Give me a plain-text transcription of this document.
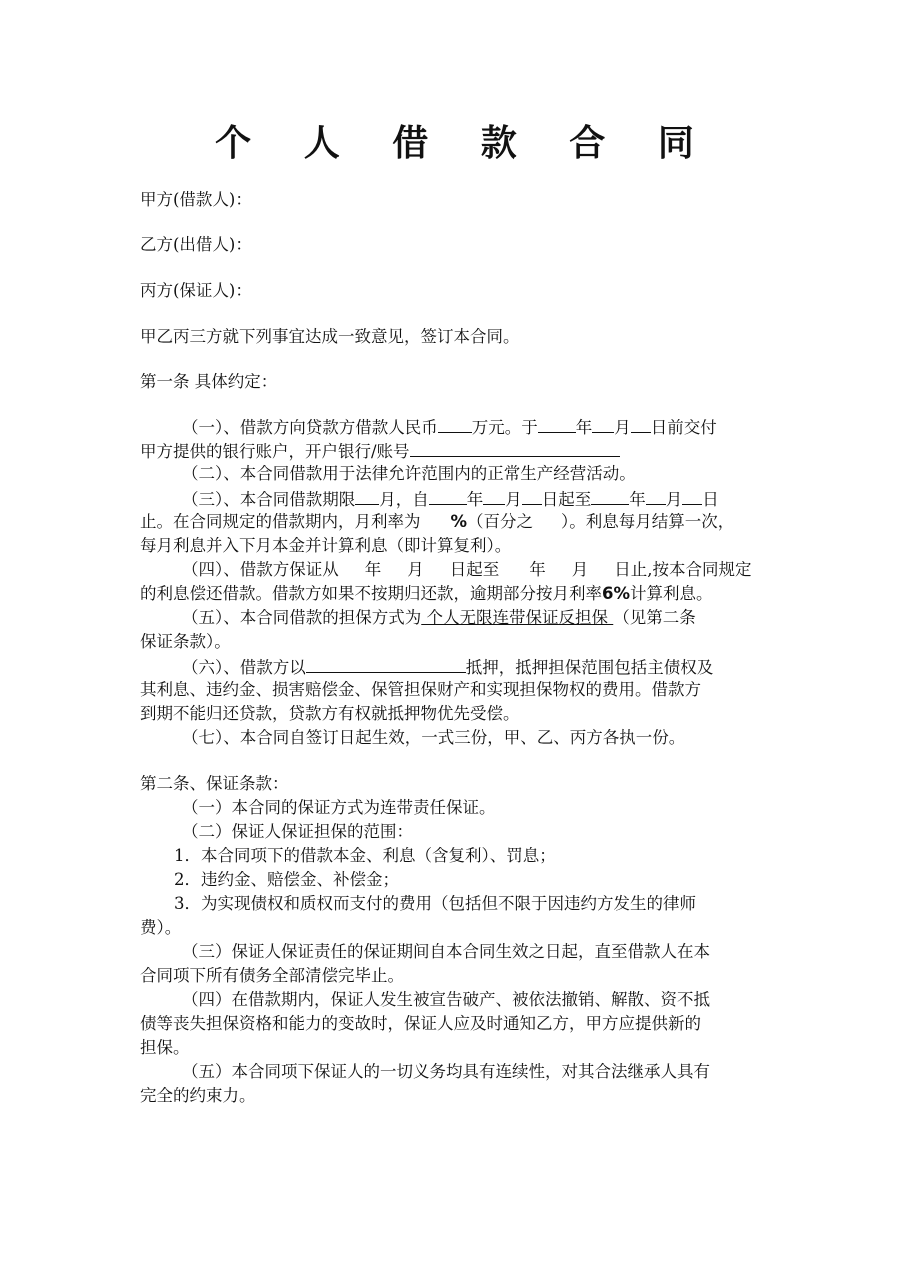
个 人 借 款 合 同
甲方(借款人)：
乙方(出借人)：
丙方(保证人)：
甲乙丙三方就下列事宜达成一致意见，签订本合同。
第一条 具体约定：
（一）、借款方向贷款方借款人民币 万元。于 年 月 日前交付
甲方提供的银行账户，开户银行/账号
（二）、本合同借款用于法律允许范围内的正常生产经营活动。
（三）、本合同借款期限 月，自 年 月 日起至 年 月 日
止。在合同规定的借款期内，月利率为 %（百分之 ）。利息每月结算一次，
每月利息并入下月本金并计算利息（即计算复利）。
（四）、借款方保证从 年 月 日起至 年 月 日止,按本合同规定
的利息偿还借款。借款方如果不按期归还款，逾期部分按月利率6%计算利息。
（五）、本合同借款的担保方式为 个人无限连带保证反担保 （见第二条
保证条款）。
（六）、借款方以	抵押，抵押担保范围包括主债权及
其利息、违约金、损害赔偿金、保管担保财产和实现担保物权的费用。借款方
到期不能归还贷款，贷款方有权就抵押物优先受偿。
（七）、本合同自签订日起生效，一式三份，甲、乙、丙方各执一份。
第二条、保证条款：
（一）本合同的保证方式为连带责任保证。
（二）保证人保证担保的范围：
1．本合同项下的借款本金、利息（含复利）、罚息；
2．违约金、赔偿金、补偿金；
3．为实现债权和质权而支付的费用（包括但不限于因违约方发生的律师
费）。
（三）保证人保证责任的保证期间自本合同生效之日起，直至借款人在本
合同项下所有债务全部清偿完毕止。
（四）在借款期内，保证人发生被宣告破产、被依法撤销、解散、资不抵
债等丧失担保资格和能力的变故时，保证人应及时通知乙方，甲方应提供新的
担保。
（五）本合同项下保证人的一切义务均具有连续性，对其合法继承人具有
完全的约束力。
